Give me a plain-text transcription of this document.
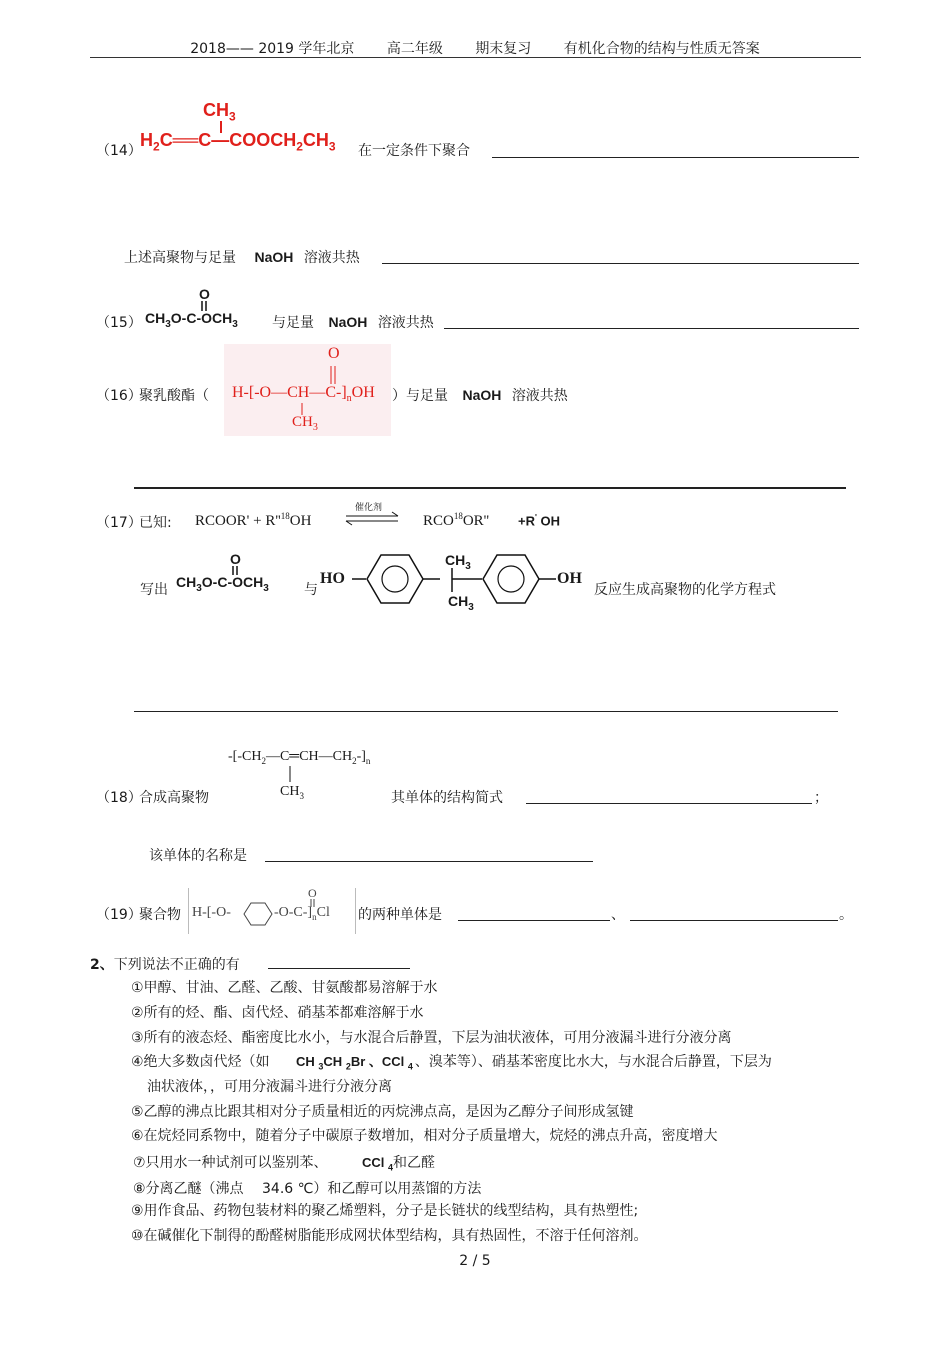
2018—— 2019 学年北京 高二年级 期末复习 有机化合物的结构与性质无答案
（14）
$CH_3$
$H_2C══C—COOCH_2CH_3$ 在一定条件下聚合
上述高聚物与足量 NaOH 溶液共热
（15）
O
$CH_3O-C-OCH_3$ 与足量 NaOH 溶液共热
（16）
聚乳酸酯（
O
$H-[-O—CH—C-]_nOH$
$CH_3$
）与足量 NaOH 溶液共热
（17）
已知: RCOOR' + $R''^{18}OH$
催化剂
$RCO^{18}OR'' +R'$ OH
写出
O
$CH_3O-C-OCH_3$	与
HO
$CH_3$
$CH_3$
OH
反应生成高聚物的化学方程式
$-[-CH_2—C═CH—CH_2-]_n$
$CH_3$
（18）
合成高聚物	其单体的结构简式	；
该单体的名称是
（19）
聚合物
O
H-[-O-	$-O-C-]_nCl$ 的两种单体是	、	。
2、下列说法不正确的有
①甲醇、甘油、乙醛、乙酸、甘氨酸都易溶解于水
②所有的烃、酯、卤代烃、硝基苯都难溶解于水
③所有的液态烃、酯密度比水小，与水混合后静置，下层为油状液体，可用分液漏斗进行分液分离
④绝大多数卤代烃（如 CH $_3$CH $_2$Br 、CCl $_4$ 、溴苯等）、硝基苯密度比水大，与水混合后静置，下层为
油状液体，，可用分液漏斗进行分液分离
⑤乙醇的沸点比跟其相对分子质量相近的丙烷沸点高，是因为乙醇分子间形成氢键
⑥在烷烃同系物中，随着分子中碳原子数增加，相对分子质量增大，烷烃的沸点升高，密度增大
⑦只用水一种试剂可以鉴别苯、	CCl $_4$和乙醛
⑧分离乙醚（沸点 34.6 ℃）和乙醇可以用蒸馏的方法
⑨用作食品、药物包装材料的聚乙烯塑料，分子是长链状的线型结构，具有热塑性;
⑩在碱催化下制得的酚醛树脂能形成网状体型结构，具有热固性，不溶于任何溶剂。
2 / 5
